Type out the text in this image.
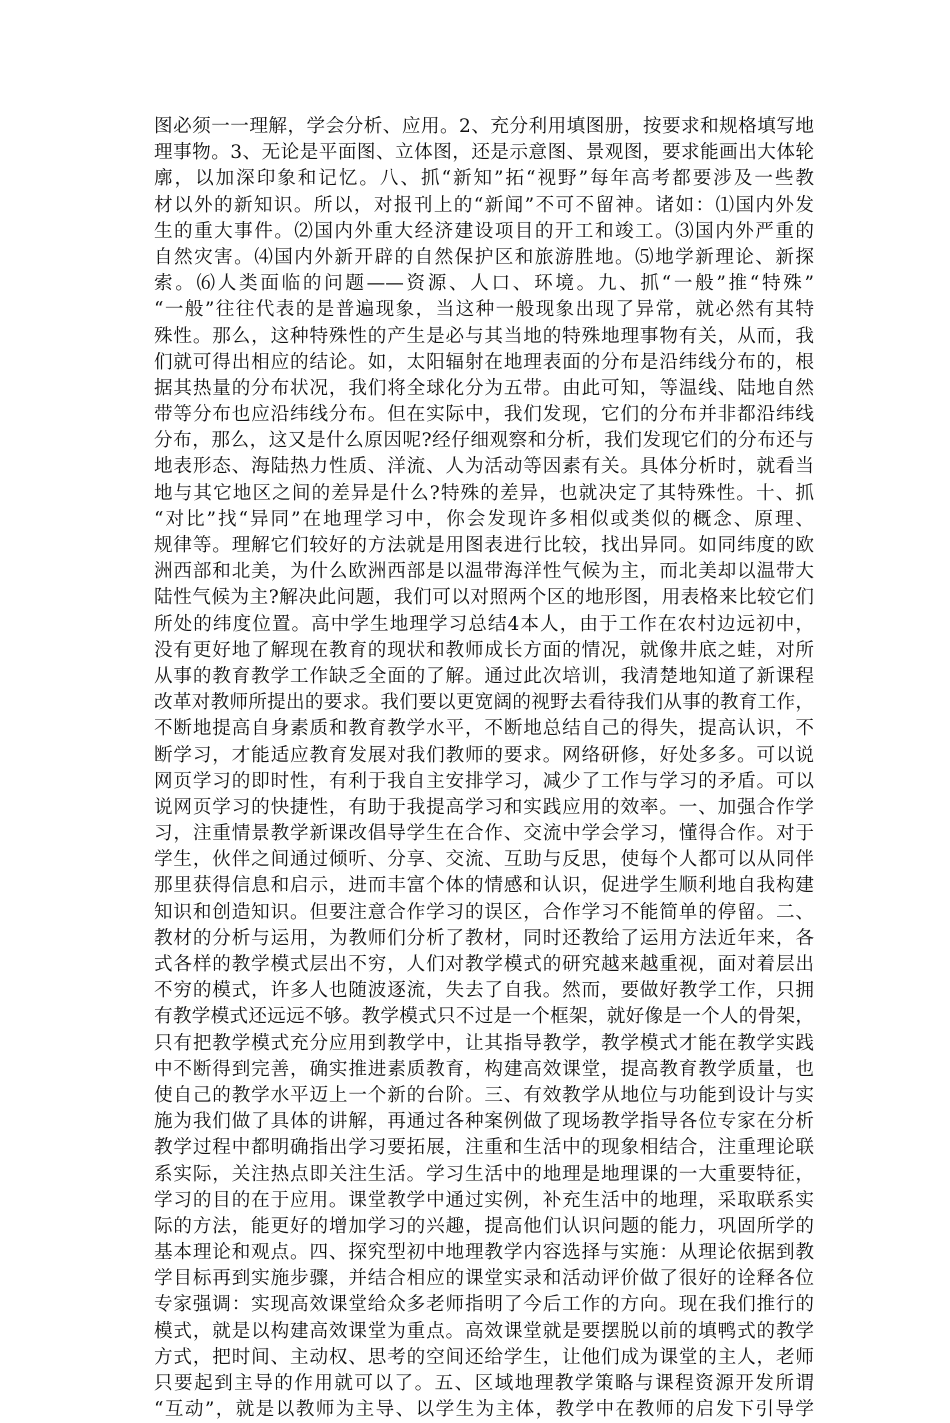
图必须一一理解，学会分析、应用。2、充分利用填图册，按要求和规格填写地
理事物。3、无论是平面图、立体图，还是示意图、景观图，要求能画出大体轮
廓，以加深印象和记忆。八、抓“新知”拓“视野”每年高考都要涉及一些教
材以外的新知识。所以，对报刊上的“新闻”不可不留神。诸如：⑴国内外发
生的重大事件。⑵国内外重大经济建设项目的开工和竣工。⑶国内外严重的
自然灾害。⑷国内外新开辟的自然保护区和旅游胜地。⑸地学新理论、新探
索。⑹人类面临的问题——资源、人口、环境。九、抓“一般”推“特殊”
“一般”往往代表的是普遍现象，当这种一般现象出现了异常，就必然有其特
殊性。那么，这种特殊性的产生是必与其当地的特殊地理事物有关，从而，我
们就可得出相应的结论。如，太阳辐射在地理表面的分布是沿纬线分布的，根
据其热量的分布状况，我们将全球化分为五带。由此可知，等温线、陆地自然
带等分布也应沿纬线分布。但在实际中，我们发现，它们的分布并非都沿纬线
分布，那么，这又是什么原因呢?经仔细观察和分析，我们发现它们的分布还与
地表形态、海陆热力性质、洋流、人为活动等因素有关。具体分析时，就看当
地与其它地区之间的差异是什么?特殊的差异，也就决定了其特殊性。十、抓
“对比”找“异同”在地理学习中，你会发现许多相似或类似的概念、原理、
规律等。理解它们较好的方法就是用图表进行比较，找出异同。如同纬度的欧
洲西部和北美，为什么欧洲西部是以温带海洋性气候为主，而北美却以温带大
陆性气候为主?解决此问题，我们可以对照两个区的地形图，用表格来比较它们
所处的纬度位置。高中学生地理学习总结4本人，由于工作在农村边远初中，
没有更好地了解现在教育的现状和教师成长方面的情况，就像井底之蛙，对所
从事的教育教学工作缺乏全面的了解。通过此次培训，我清楚地知道了新课程
改革对教师所提出的要求。我们要以更宽阔的视野去看待我们从事的教育工作，
不断地提高自身素质和教育教学水平，不断地总结自己的得失，提高认识，不
断学习，才能适应教育发展对我们教师的要求。网络研修，好处多多。可以说
网页学习的即时性，有利于我自主安排学习，减少了工作与学习的矛盾。可以
说网页学习的快捷性，有助于我提高学习和实践应用的效率。一、加强合作学
习，注重情景教学新课改倡导学生在合作、交流中学会学习，懂得合作。对于
学生，伙伴之间通过倾听、分享、交流、互助与反思，使每个人都可以从同伴
那里获得信息和启示，进而丰富个体的情感和认识，促进学生顺利地自我构建
知识和创造知识。但要注意合作学习的误区，合作学习不能简单的停留。二、
教材的分析与运用，为教师们分析了教材，同时还教给了运用方法近年来，各
式各样的教学模式层出不穷，人们对教学模式的研究越来越重视，面对着层出
不穷的模式，许多人也随波逐流，失去了自我。然而，要做好教学工作，只拥
有教学模式还远远不够。教学模式只不过是一个框架，就好像是一个人的骨架，
只有把教学模式充分应用到教学中，让其指导教学，教学模式才能在教学实践
中不断得到完善，确实推进素质教育，构建高效课堂，提高教育教学质量，也
使自己的教学水平迈上一个新的台阶。三、有效教学从地位与功能到设计与实
施为我们做了具体的讲解，再通过各种案例做了现场教学指导各位专家在分析
教学过程中都明确指出学习要拓展，注重和生活中的现象相结合，注重理论联
系实际，关注热点即关注生活。学习生活中的地理是地理课的一大重要特征，
学习的目的在于应用。课堂教学中通过实例，补充生活中的地理，采取联系实
际的方法，能更好的增加学习的兴趣，提高他们认识问题的能力，巩固所学的
基本理论和观点。四、探究型初中地理教学内容选择与实施：从理论依据到教
学目标再到实施步骤，并结合相应的课堂实录和活动评价做了很好的诠释各位
专家强调：实现高效课堂给众多老师指明了今后工作的方向。现在我们推行的
模式，就是以构建高效课堂为重点。高效课堂就是要摆脱以前的填鸭式的教学
方式，把时间、主动权、思考的空间还给学生，让他们成为课堂的主人，老师
只要起到主导的作用就可以了。五、区域地理教学策略与课程资源开发所谓
“互动”，就是以教师为主导、以学生为主体，教学中在教师的启发下引导学
